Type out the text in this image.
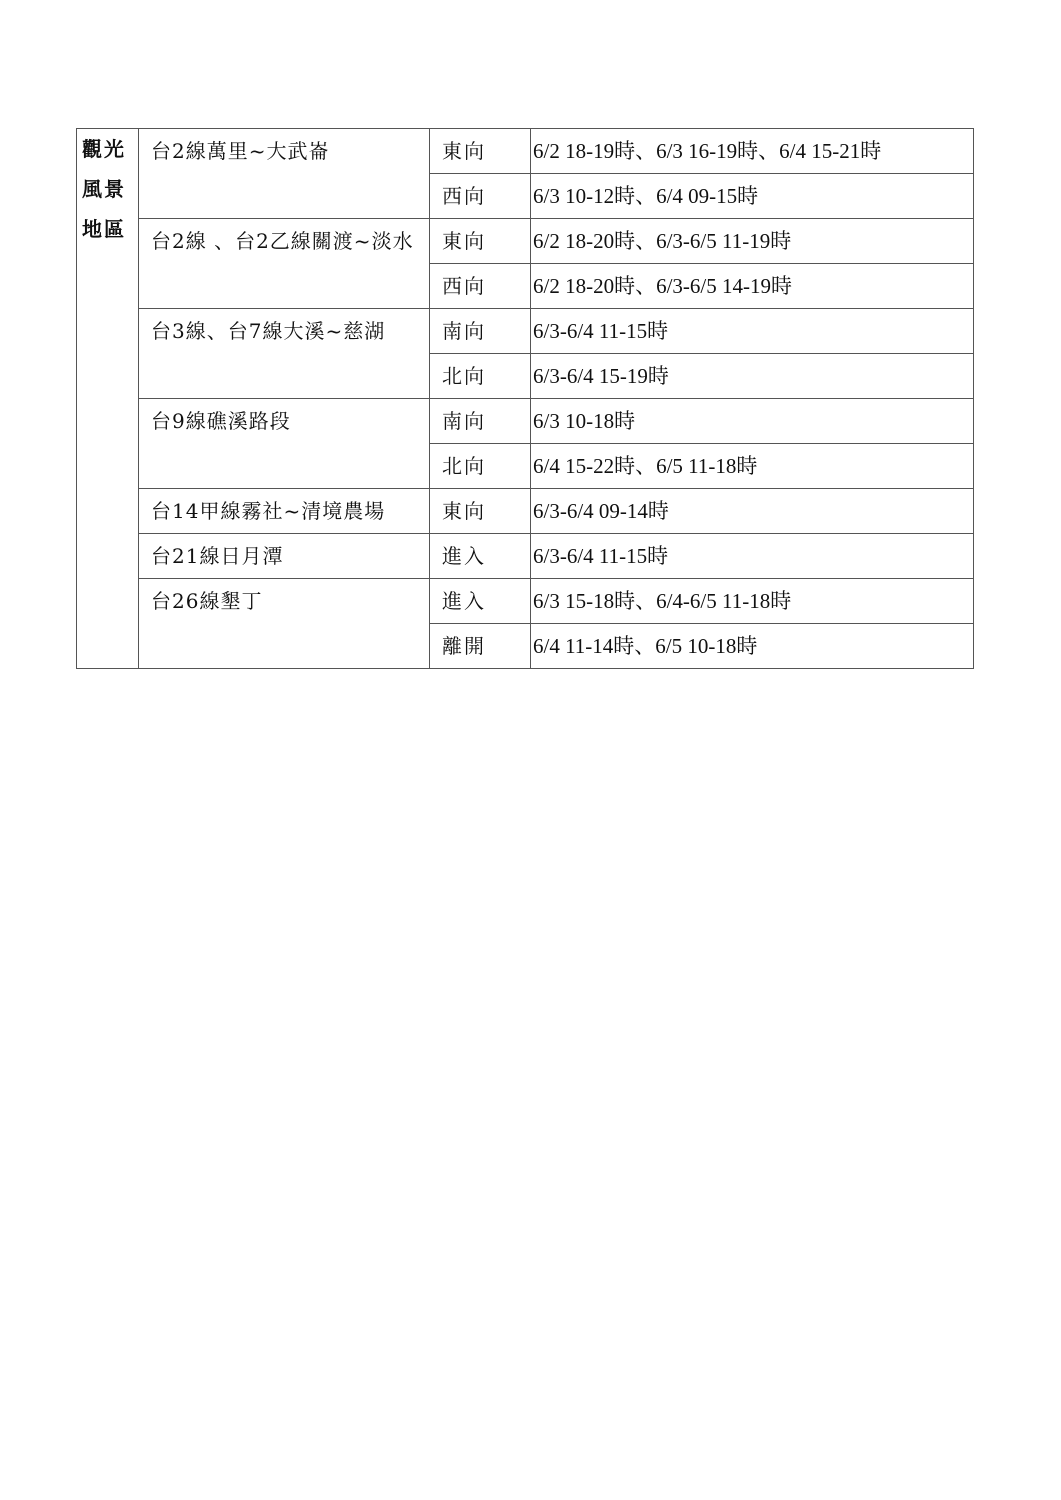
觀光風景地區	台2線萬里~大武崙	東向	6/2 18-19時、6/3 16-19時、6/4 15-21時
		西向	6/3 10-12時、6/4 09-15時
	台2線 、台2乙線關渡~淡水	東向	6/2 18-20時、6/3-6/5 11-19時
		西向	6/2 18-20時、6/3-6/5 14-19時
	台3線、台7線大溪~慈湖	南向	6/3-6/4 11-15時
		北向	6/3-6/4 15-19時
	台9線礁溪路段	南向	6/3 10-18時
		北向	6/4 15-22時、6/5 11-18時
	台14甲線霧社~清境農場	東向	6/3-6/4 09-14時
	台21線日月潭	進入	6/3-6/4 11-15時
	台26線墾丁	進入	6/3 15-18時、6/4-6/5 11-18時
		離開	6/4 11-14時、6/5 10-18時
